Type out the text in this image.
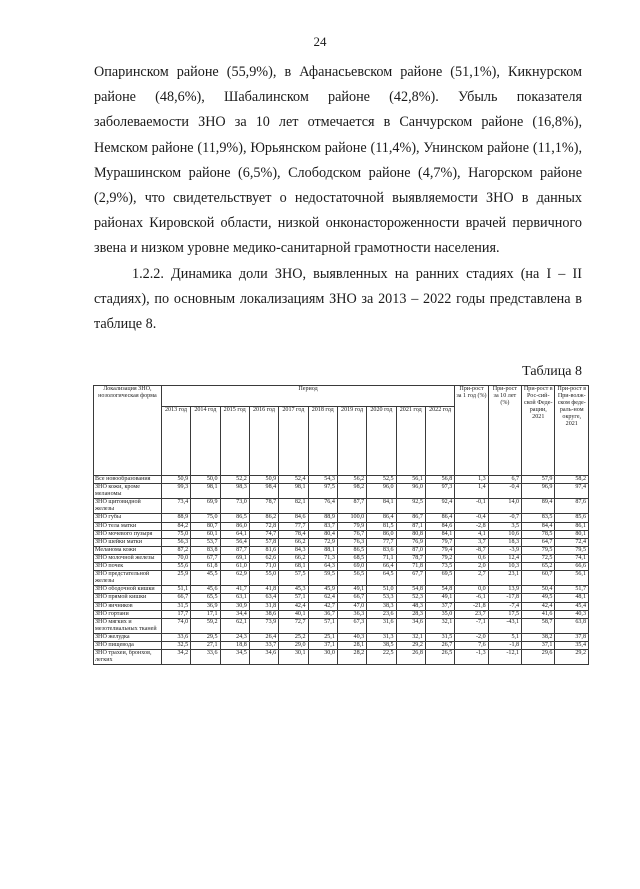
24

Опаринском районе (55,9%), в Афанасьевском районе (51,1%), Кикнурском районе (48,6%), Шабалинском районе (42,8%). Убыль показателя заболеваемости ЗНО за 10 лет отмечается в Санчурском районе (16,8%), Немском районе (11,9%), Юрьянском районе (11,4%), Унинском районе (11,1%), Мурашинском районе (6,5%), Слободском районе (4,7%), Нагорском районе (2,9%), что свидетельствует о недостаточной выявляемости ЗНО в данных районах Кировской области, низкой онконастороженности врачей первичного звена и низком уровне медико-санитарной грамотности населения.

1.2.2. Динамика доли ЗНО, выявленных на ранних стадиях (на I – II стадиях), по основным локализациям ЗНО за 2013 – 2022 годы представлена в таблице 8.

Таблица 8
Локализация ЗНО, нозологическая форма	Период										При-рост за 1 год (%)	При-рост за 10 лет (%)	При-рост в Рос-сий-ской Феде-рации, 2021	При-рост в При-волж-ском феде-раль-ном округе, 2021
	2013 год	2014 год	2015 год	2016 год	2017 год	2018 год	2019 год	2020 год	2021 год	2022 год				
Все новообразования	50,9	50,0	52,2	50,9	52,4	54,3	56,2	52,5	56,1	56,8	1,3	6,7	57,9	58,2
ЗНО кожи, кроме меланомы	99,3	98,1	98,3	98,4	98,1	97,5	98,2	96,0	96,0	97,3	1,4	-0,4	96,9	97,4
ЗНО щитовидной железы	73,4	69,9	73,0	78,7	82,1	76,4	87,7	84,1	92,5	92,4	-0,1	14,0	89,4	87,6
ЗНО губы	88,9	75,0	86,5	86,2	84,6	88,9	100,0	86,4	86,7	86,4	-0,4	-0,7	83,5	85,6
ЗНО тела матки	84,2	80,7	86,0	72,8	77,7	83,7	79,9	81,5	87,1	84,6	-2,8	3,5	84,4	86,1
ЗНО мочевого пузыря	75,0	60,1	64,1	74,7	78,4	80,4	76,7	86,0	80,8	84,1	4,1	10,6	78,5	80,1
ЗНО шейки матки	56,3	53,7	56,4	57,8	66,2	72,9	76,3	77,7	76,9	79,7	3,7	18,3	64,7	72,4
Меланома кожи	87,2	83,8	87,7	81,6	84,3	88,1	86,5	83,6	87,0	79,4	-8,7	-3,9	79,5	79,5
ЗНО молочной железы	70,0	67,7	69,1	62,6	66,2	71,3	68,5	71,1	78,7	79,2	0,6	12,4	72,5	74,1
ЗНО почек	55,6	61,8	61,0	71,0	68,1	64,3	69,0	66,4	71,8	73,5	2,0	10,3	65,2	66,6
ЗНО предстательной железы	25,9	45,5	62,9	55,0	57,5	59,5	56,5	64,5	67,7	69,5	2,7	23,1	60,7	56,1
ЗНО ободочной кишки	51,1	45,6	41,7	41,8	45,3	45,9	49,1	51,0	54,8	54,8	0,0	13,9	50,4	51,7
ЗНО прямой кишки	66,7	65,5	63,1	63,4	57,1	62,4	66,7	53,3	52,3	49,1	-6,1	-17,8	49,5	48,1
ЗНО яичников	31,5	36,9	30,9	31,8	42,4	42,7	47,0	38,3	48,3	37,7	-21,8	-7,4	42,4	45,4
ЗНО гортани	17,7	17,1	34,4	38,6	40,1	36,7	36,3	23,6	28,3	35,0	23,7	17,5	41,6	40,3
ЗНО мягких и мезотелиальных тканей	74,0	59,2	62,1	73,9	72,7	57,1	67,3	31,6	34,6	32,1	-7,1	-43,1	58,7	63,8
ЗНО желудка	33,6	29,5	24,3	26,4	25,2	25,1	40,3	31,3	32,1	31,5	-2,0	5,1	38,2	37,8
ЗНО пищевода	32,5	27,1	18,8	33,7	29,0	37,1	28,1	38,5	29,2	26,7	7,6	-1,8	37,1	35,4
ЗНО трахеи, бронхов, легких	34,2	33,6	34,5	34,6	30,1	30,0	28,2	22,5	26,8	26,5	-1,3	-12,1	29,6	29,2
